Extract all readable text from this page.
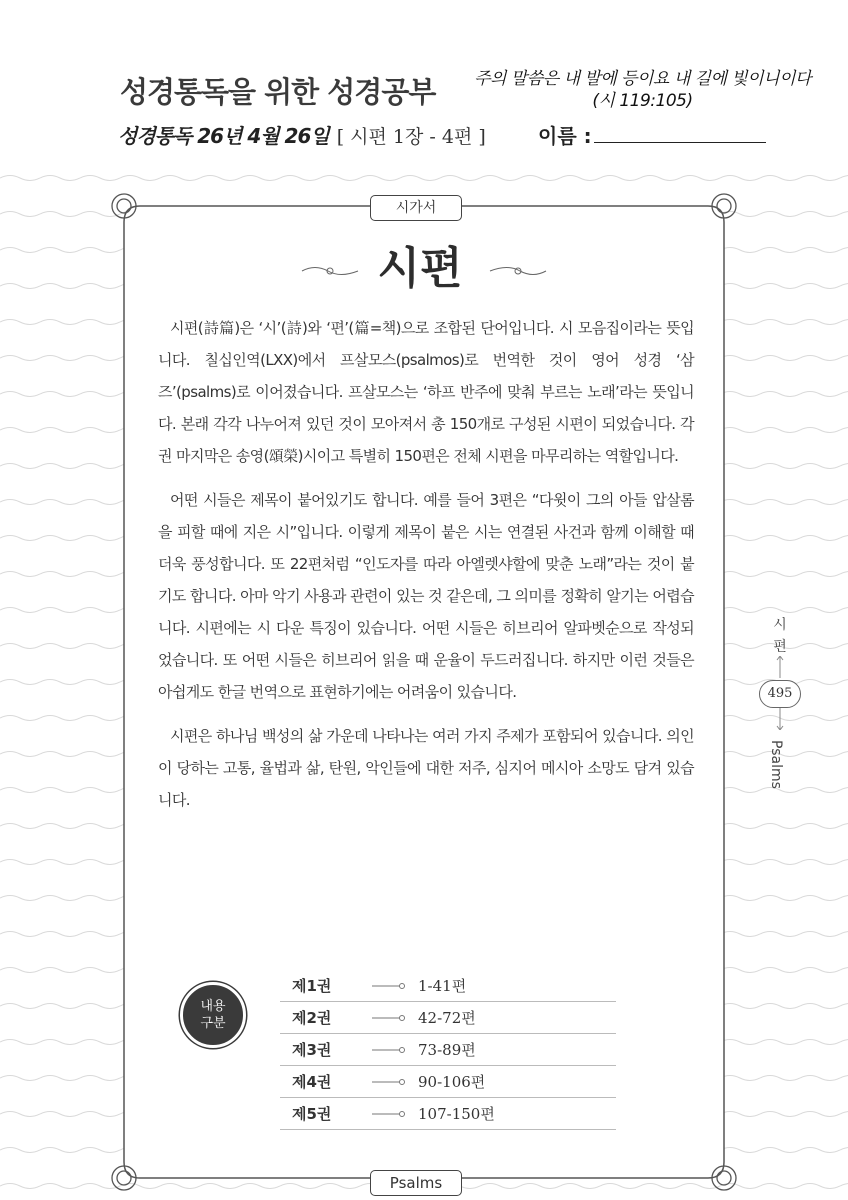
성경통독을 위한 성경공부 주의 말씀은 내 발에 등이요 내 길에 빛이니이다
(시 119:105)
성경통독 26년 4월 26일 [ 시편 1장 - 4편 ]	이름 :
시가서
시편

시편(詩篇)은 ‘시’(詩)와 ‘편’(篇=책)으로 조합된 단어입니다. 시 모음집이라는 뜻입니다. 칠십인역(LXX)에서 프살모스(psalmos)로 번역한 것이 영어 성경 ‘삼즈’(psalms)로 이어졌습니다. 프살모스는 ‘하프 반주에 맞춰 부르는 노래’라는 뜻입니다. 본래 각각 나누어져 있던 것이 모아져서 총 150개로 구성된 시편이 되었습니다. 각 권 마지막은 송영(頌榮)시이고 특별히 150편은 전체 시편을 마무리하는 역할입니다.

어떤 시들은 제목이 붙어있기도 합니다. 예를 들어 3편은 “다윗이 그의 아들 압살롬을 피할 때에 지은 시”입니다. 이렇게 제목이 붙은 시는 연결된 사건과 함께 이해할 때 더욱 풍성합니다. 또 22편처럼 “인도자를 따라 아엘렛샤할에 맞춘 노래”라는 것이 붙기도 합니다. 아마 악기 사용과 관련이 있는 것 같은데, 그 의미를 정확히 알기는 어렵습니다. 시편에는 시 다운 특징이 있습니다. 어떤 시들은 히브리어 알파벳순으로 작성되었습니다. 또 어떤 시들은 히브리어 읽을 때 운율이 두드러집니다. 하지만 이런 것들은 아쉽게도 한글 번역으로 표현하기에는 어려움이 있습니다.

시편은 하나님 백성의 삶 가운데 나타나는 여러 가지 주제가 포함되어 있습니다. 의인이 당하는 고통, 율법과 삶, 탄원, 악인들에 대한 저주, 심지어 메시아 소망도 담겨 있습니다.

내용
구분
제1권	1-41편
제2권	42-72편
제3권	73-89편
제4권	90-106편
제5권	107-150편
Psalms
시
편
495
Psalms
